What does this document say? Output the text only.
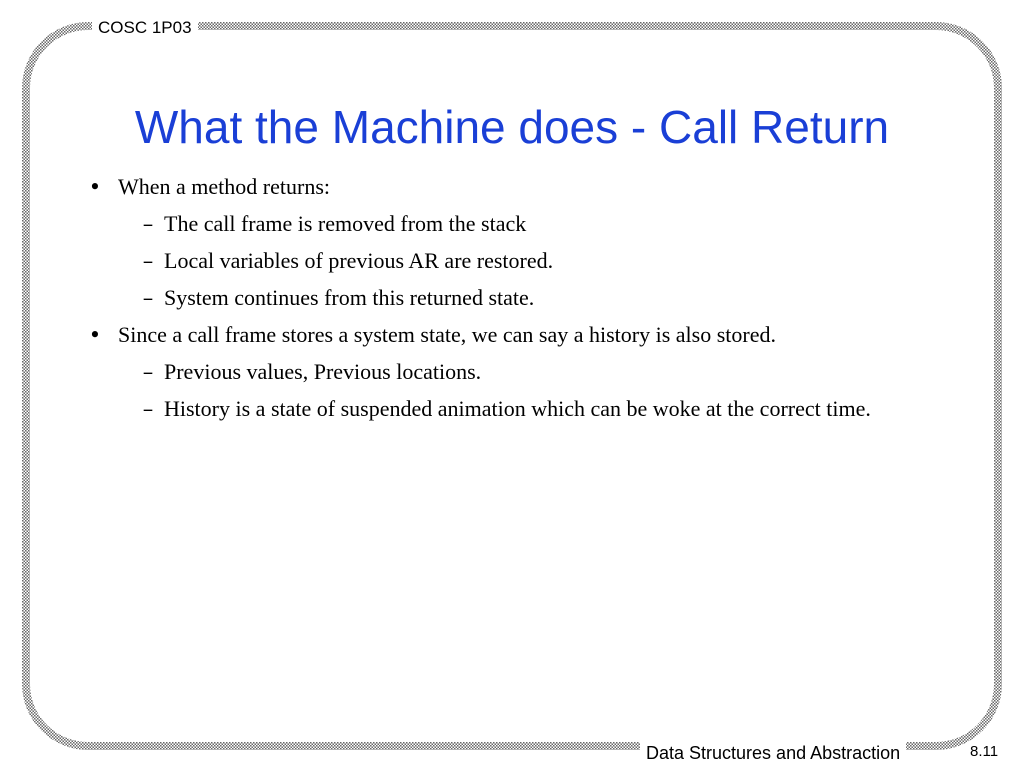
COSC 1P03
What the Machine does - Call Return
• When a method returns:
– The call frame is removed from the stack
– Local variables of previous AR are restored.
– System continues from this returned state.
• Since a call frame stores a system state, we can say a history is also stored.
– Previous values, Previous locations.
– History is a state of suspended animation which can be woke at the correct time.
Data Structures and Abstraction	8.11
